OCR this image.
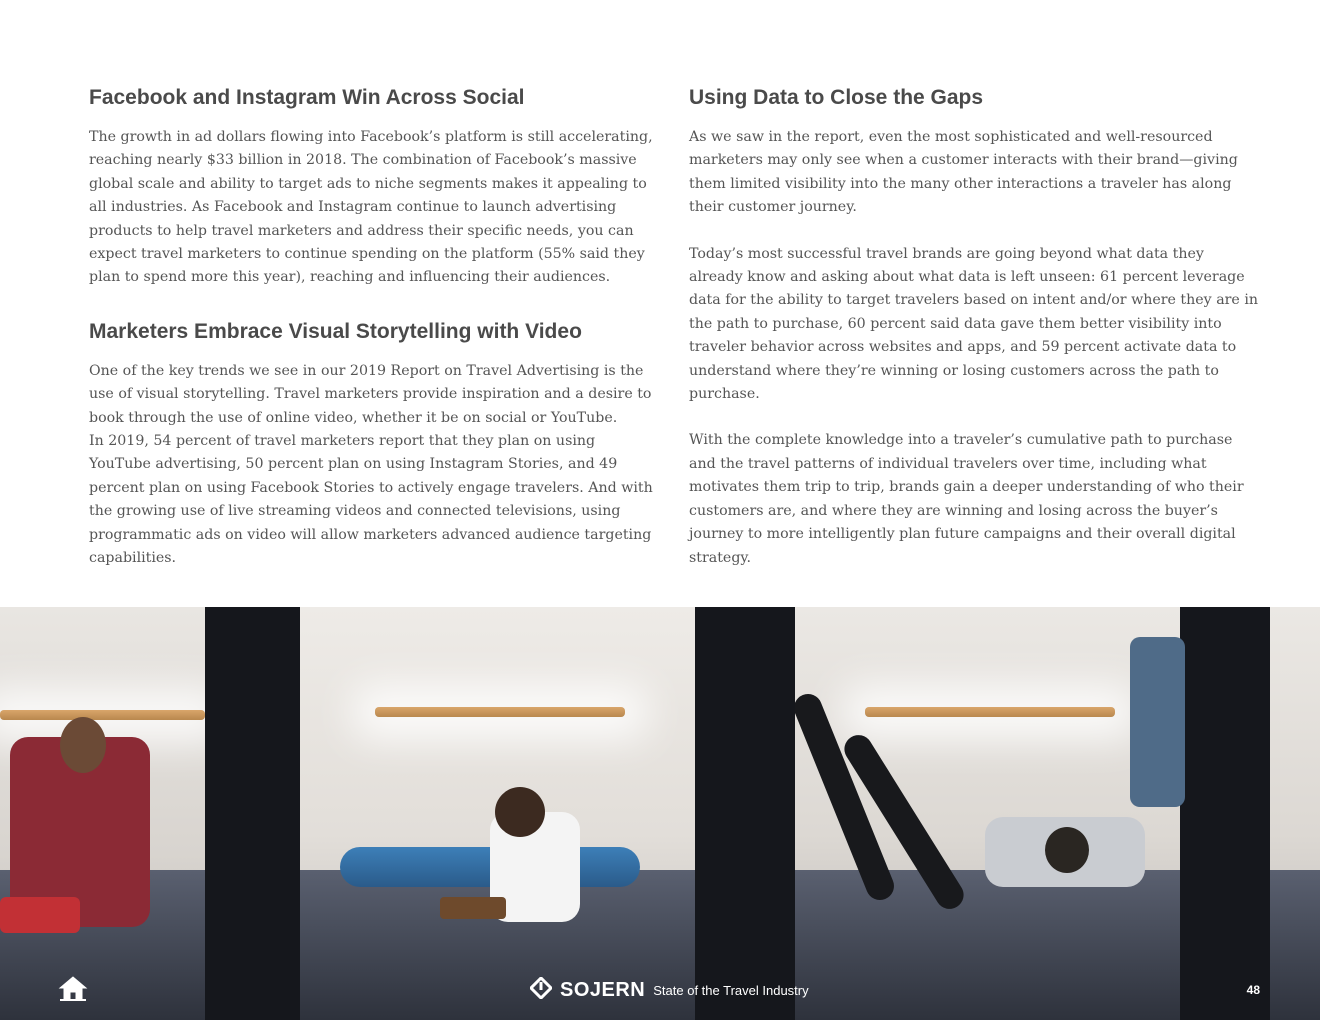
Facebook and Instagram Win Across Social

The growth in ad dollars flowing into Facebook’s platform is still accelerating, reaching nearly $33 billion in 2018. The combination of Facebook’s massive global scale and ability to target ads to niche segments makes it appealing to all industries. As Facebook and Instagram continue to launch advertising products to help travel marketers and address their specific needs, you can expect travel marketers to continue spending on the platform (55% said they plan to spend more this year), reaching and influencing their audiences.

Marketers Embrace Visual Storytelling with Video

One of the key trends we see in our 2019 Report on Travel Advertising is the use of visual storytelling. Travel marketers provide inspiration and a desire to book through the use of online video, whether it be on social or YouTube.

In 2019, 54 percent of travel marketers report that they plan on using YouTube advertising, 50 percent plan on using Instagram Stories, and 49 percent plan on using Facebook Stories to actively engage travelers. And with the growing use of live streaming videos and connected televisions, using programmatic ads on video will allow marketers advanced audience targeting capabilities.

Using Data to Close the Gaps

As we saw in the report, even the most sophisticated and well-resourced marketers may only see when a customer interacts with their brand—giving them limited visibility into the many other interactions a traveler has along their customer journey.

Today’s most successful travel brands are going beyond what data they already know and asking about what data is left unseen: 61 percent leverage data for the ability to target travelers based on intent and/or where they are in the path to purchase, 60 percent said data gave them better visibility into traveler behavior across websites and apps, and 59 percent activate data to understand where they’re winning or losing customers across the path to purchase.

With the complete knowledge into a traveler’s cumulative path to purchase and the travel patterns of individual travelers over time, including what motivates them trip to trip, brands gain a deeper understanding of who their customers are, and where they are winning and losing across the buyer’s journey to more intelligently plan future campaigns and their overall digital strategy.

SOJERN State of the Travel Industry	48
